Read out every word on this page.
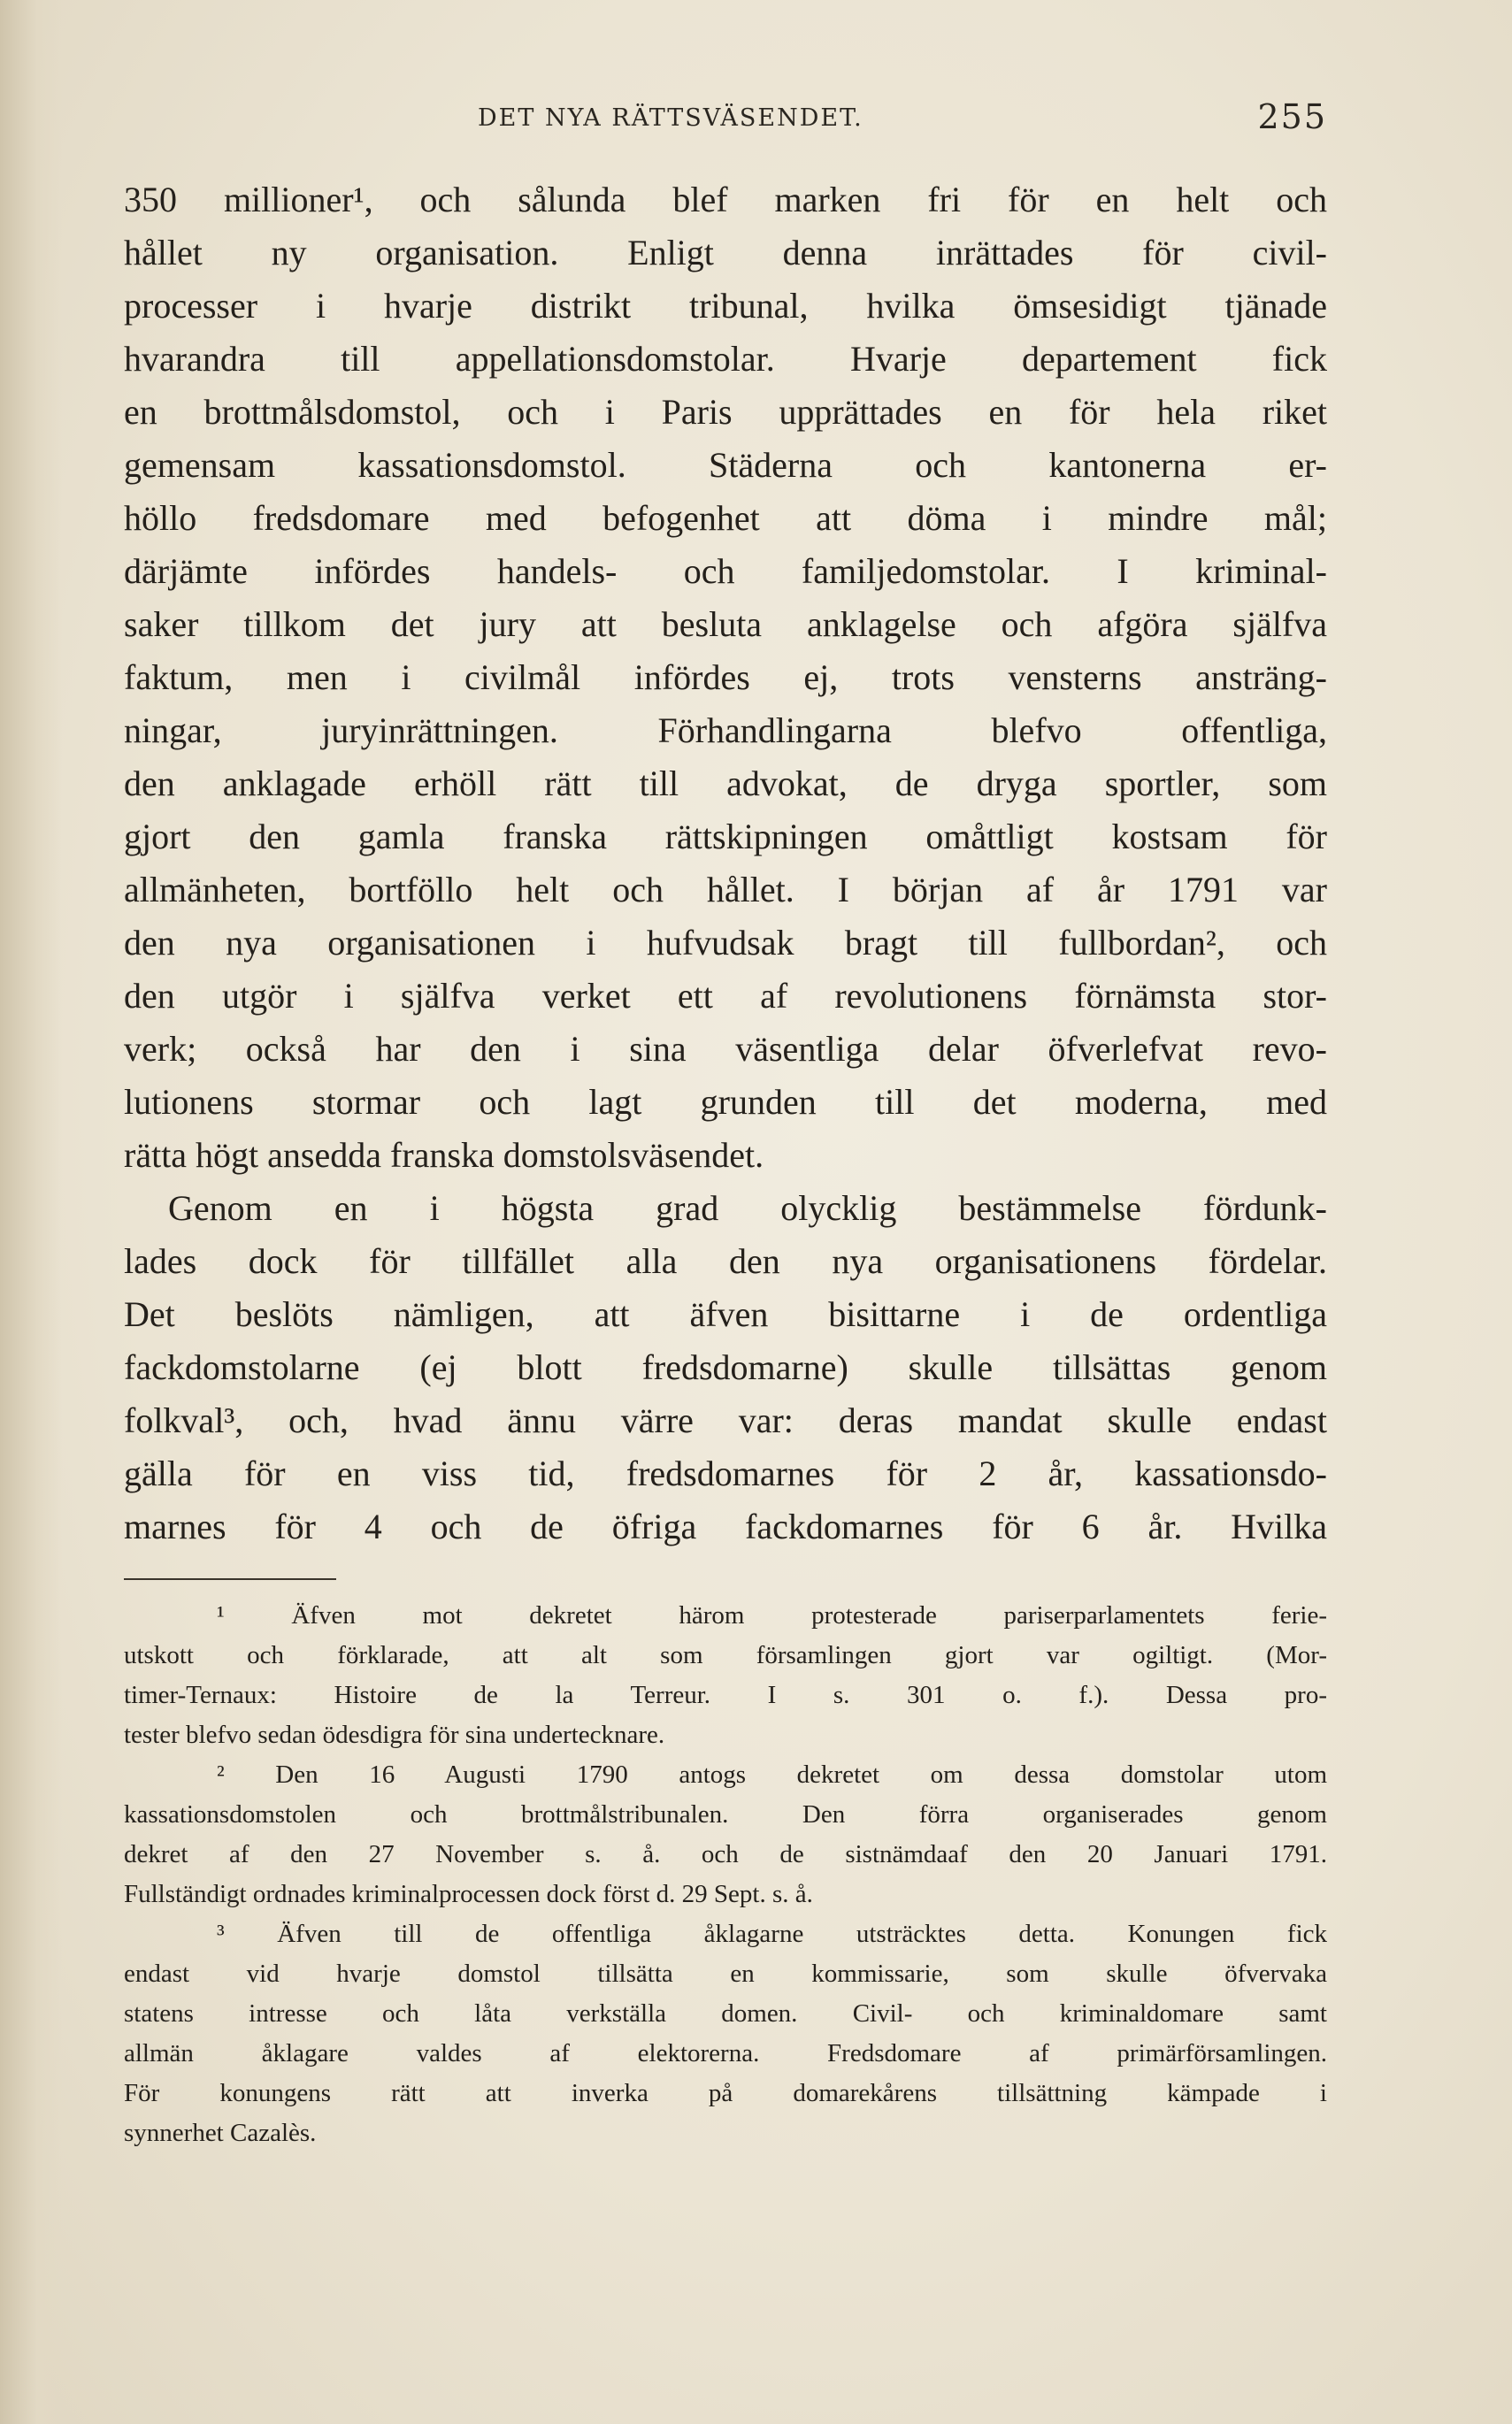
DET NYA RÄTTSVÄSENDET.	255
350 millioner¹, och sålunda blef marken fri för en helt och
hållet ny organisation. Enligt denna inrättades för civil-
processer i hvarje distrikt tribunal, hvilka ömsesidigt tjänade
hvarandra till appellationsdomstolar. Hvarje departement fick
en brottmålsdomstol, och i Paris upprättades en för hela riket
gemensam kassationsdomstol. Städerna och kantonerna er-
höllo fredsdomare med befogenhet att döma i mindre mål;
därjämte infördes handels- och familjedomstolar. I kriminal-
saker tillkom det jury att besluta anklagelse och afgöra själfva
faktum, men i civilmål infördes ej, trots vensterns ansträng-
ningar, juryinrättningen. Förhandlingarna blefvo offentliga,
den anklagade erhöll rätt till advokat, de dryga sportler, som
gjort den gamla franska rättskipningen omåttligt kostsam för
allmänheten, bortföllo helt och hållet. I början af år 1791 var
den nya organisationen i hufvudsak bragt till fullbordan², och
den utgör i själfva verket ett af revolutionens förnämsta stor-
verk; också har den i sina väsentliga delar öfverlefvat revo-
lutionens stormar och lagt grunden till det moderna, med
rätta högt ansedda franska domstolsväsendet.
Genom en i högsta grad olycklig bestämmelse fördunk-
lades dock för tillfället alla den nya organisationens fördelar.
Det beslöts nämligen, att äfven bisittarne i de ordentliga
fackdomstolarne (ej blott fredsdomarne) skulle tillsättas genom
folkval³, och, hvad ännu värre var: deras mandat skulle endast
gälla för en viss tid, fredsdomarnes för 2 år, kassationsdo-
marnes för 4 och de öfriga fackdomarnes för 6 år. Hvilka
¹ Äfven mot dekretet härom protesterade pariserparlamentets ferie-
utskott och förklarade, att alt som församlingen gjort var ogiltigt. (Mor-
timer-Ternaux: Histoire de la Terreur. I s. 301 o. f.). Dessa pro-
tester blefvo sedan ödesdigra för sina undertecknare.
² Den 16 Augusti 1790 antogs dekretet om dessa domstolar utom
kassationsdomstolen och brottmålstribunalen. Den förra organiserades genom
dekret af den 27 November s. å. och de sistnämdaaf den 20 Januari 1791.
Fullständigt ordnades kriminalprocessen dock först d. 29 Sept. s. å.
³ Äfven till de offentliga åklagarne utsträcktes detta. Konungen fick
endast vid hvarje domstol tillsätta en kommissarie, som skulle öfvervaka
statens intresse och låta verkställa domen. Civil- och kriminaldomare samt
allmän åklagare valdes af elektorerna. Fredsdomare af primärförsamlingen.
För konungens rätt att inverka på domarekårens tillsättning kämpade i
synnerhet Cazalès.
